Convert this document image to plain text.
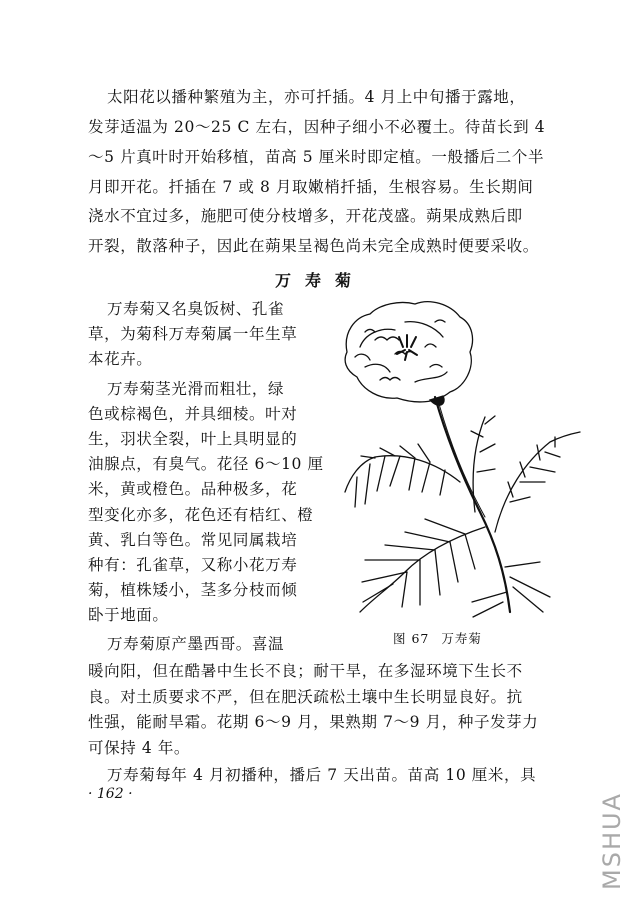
太阳花以播种繁殖为主，亦可扦插。4 月上中旬播于露地，
发芽适温为 20～25 C 左右，因种子细小不必覆土。待苗长到 4
～5 片真叶时开始移植，苗高 5 厘米时即定植。一般播后二个半
月即开花。扦插在 7 或 8 月取嫩梢扦插，生根容易。生长期间
浇水不宜过多，施肥可使分枝增多，开花茂盛。蒴果成熟后即
开裂，散落种子，因此在蒴果呈褐色尚未完全成熟时便要采收。
万寿菊
万寿菊又名臭饭树、孔雀
草，为菊科万寿菊属一年生草
本花卉。
万寿菊茎光滑而粗壮，绿
色或棕褐色，并具细棱。叶对
生，羽状全裂，叶上具明显的
油腺点，有臭气。花径 6～10 厘
米，黄或橙色。品种极多，花
型变化亦多，花色还有桔红、橙
黄、乳白等色。常见同属栽培
种有：孔雀草，又称小花万寿
菊，植株矮小，茎多分枝而倾
卧于地面。
万寿菊原产墨西哥。喜温	图 67 万寿菊
暖向阳，但在酷暑中生长不良；耐干旱，在多湿环境下生长不
良。对土质要求不严，但在肥沃疏松土壤中生长明显良好。抗
性强，能耐旱霜。花期 6～9 月，果熟期 7～9 月，种子发芽力
可保持 4 年。
万寿菊每年 4 月初播种，播后 7 天出苗。苗高 10 厘米，具
· 162 ·	MSHUA
